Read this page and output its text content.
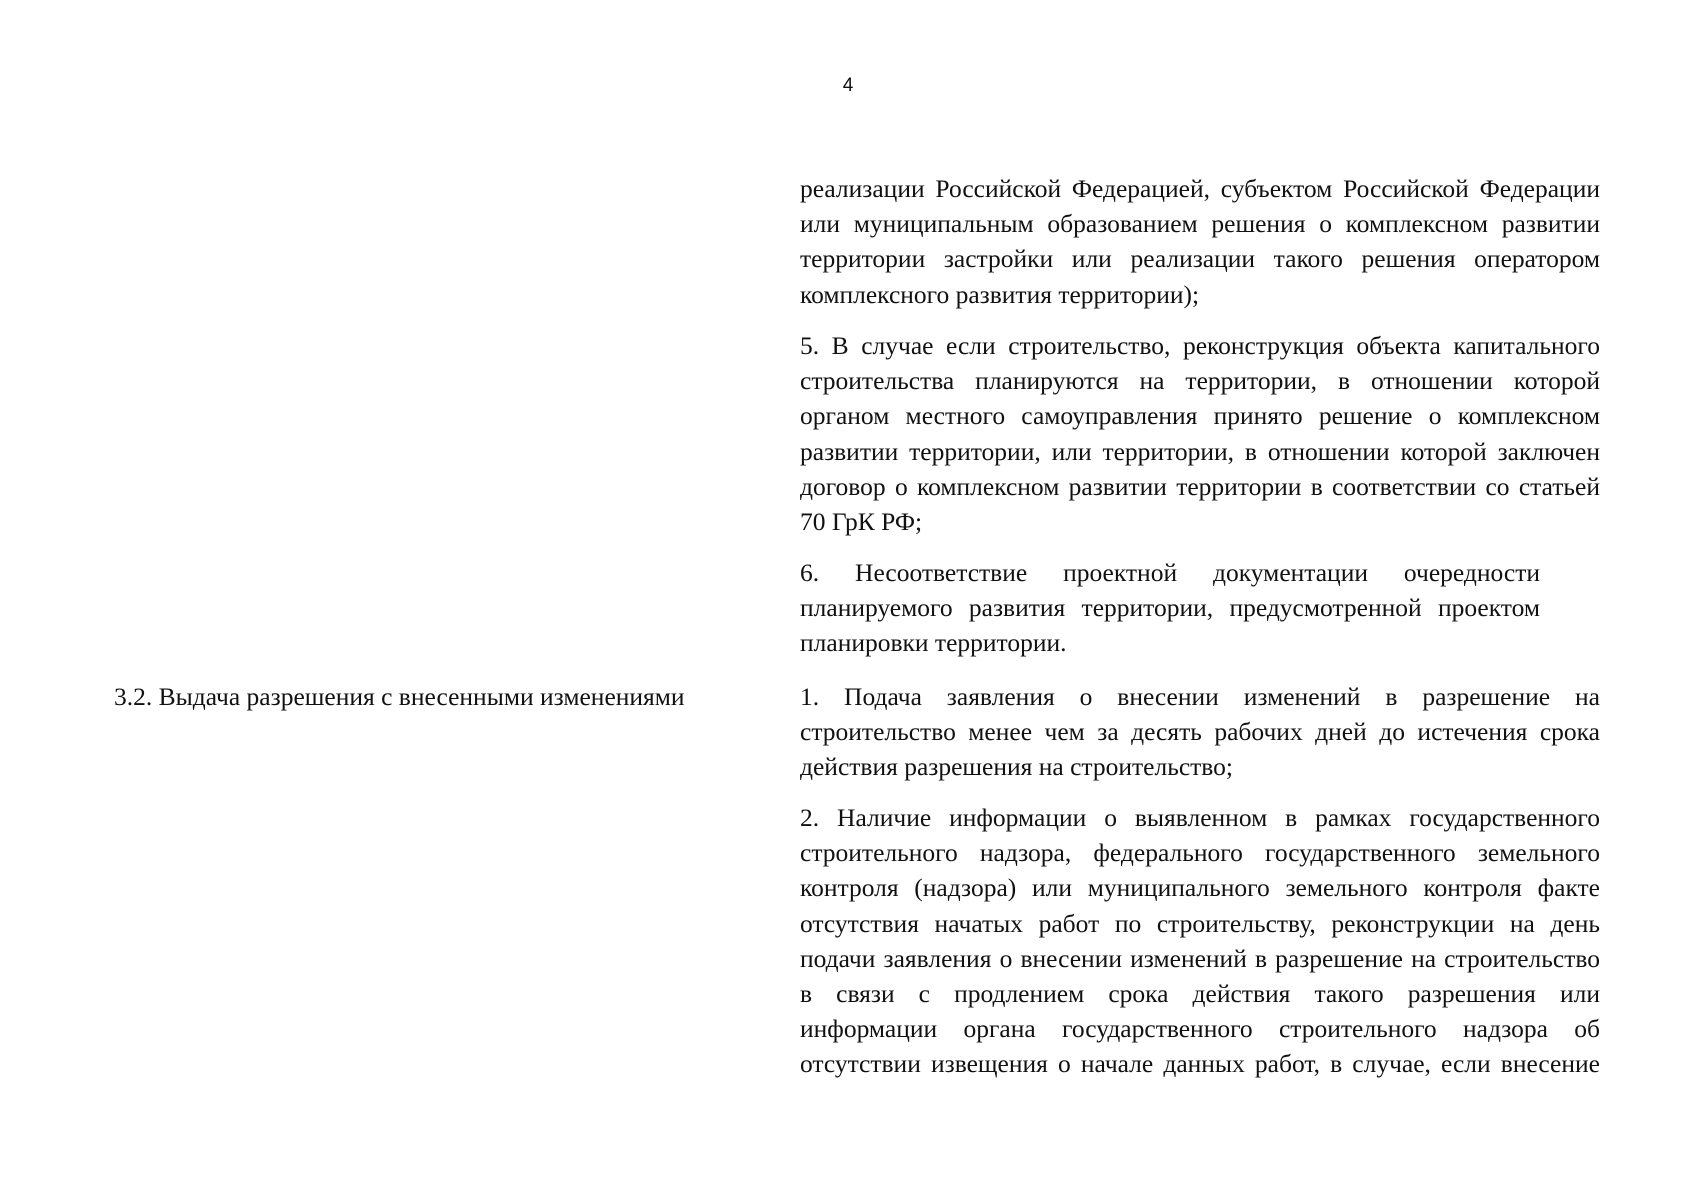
4
реализации Российской Федерацией, субъектом Российской Федерации или муниципальным образованием решения о комплексном развитии территории застройки или реализации такого решения оператором комплексного развития территории);
5. В случае если строительство, реконструкция объекта капитального строительства планируются на территории, в отношении которой органом местного самоуправления принято решение о комплексном развитии территории, или территории, в отношении которой заключен договор о комплексном развитии территории в соответствии со статьей 70 ГрК РФ;
6. Несоответствие проектной документации очередности планируемого развития территории, предусмотренной проектом планировки территории.
3.2. Выдача разрешения с внесенными изменениями	1. Подача заявления о внесении изменений в разрешение на строительство менее чем за десять рабочих дней до истечения срока действия разрешения на строительство;
2. Наличие информации о выявленном в рамках государственного строительного надзора, федерального государственного земельного контроля (надзора) или муниципального земельного контроля факте отсутствия начатых работ по строительству, реконструкции на день подачи заявления о внесении изменений в разрешение на строительство в связи с продлением срока действия такого разрешения или информации органа государственного строительного надзора об отсутствии извещения о начале данных работ, в случае, если внесение
